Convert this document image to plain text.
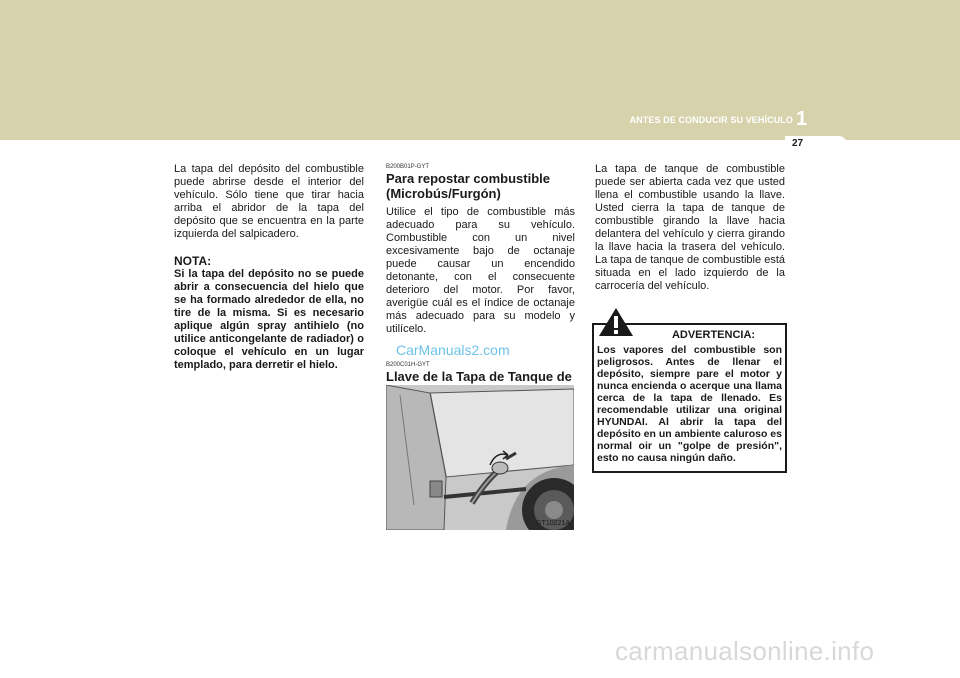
ANTES DE CONDUCIR SU VEHÍCULO 1
27

La tapa del depósito del combustible puede abrirse desde el interior del vehículo. Sólo tiene que tirar hacia arriba el abridor de la tapa del depósito que se encuentra en la parte izquierda del salpicadero.

NOTA:

Si la tapa del depósito no se puede abrir a consecuencia del hielo que se ha formado alrededor de ella, no tire de la misma. Si es necesario aplique algún spray antihielo (no utilice anticongelante de radiador) o coloque el vehículo en un lugar templado, para derretir el hielo.

B200B01P-GYT

Para repostar combustible (Microbús/Furgón)

Utilice el tipo de combustible más adecuado para su vehículo. Combustible con un nivel excesivamente bajo de octanaje puede causar un encendido detonante, con el consecuente deterioro del motor. Por favor, averigüe cuál es el índice de octanaje más adecuado para su modelo y utilícelo.

B200C01H-GYT

Llave de la Tapa de Tanque de

GT10221A
CarManuals2.com

La tapa de tanque de combustible puede ser abierta cada vez que usted llena el combustible usando la llave. Usted cierra la tapa de tanque de combustible girando la llave hacia delantera del vehículo y cierra girando la llave hacia la trasera del vehículo. La tapa de tanque de combustible está situada en el lado izquierdo de la carrocería del vehículo.

ADVERTENCIA:
Los vapores del combustible son peligrosos. Antes de llenar el depósito, siempre pare el motor y nunca encienda o acerque una llama cerca de la tapa de llenado. Es recomendable utilizar una original HYUNDAI. Al abrir la tapa del depósito en un ambiente caluroso es normal oir un "golpe de presión", esto no causa ningún daño.
carmanualsonline.info
